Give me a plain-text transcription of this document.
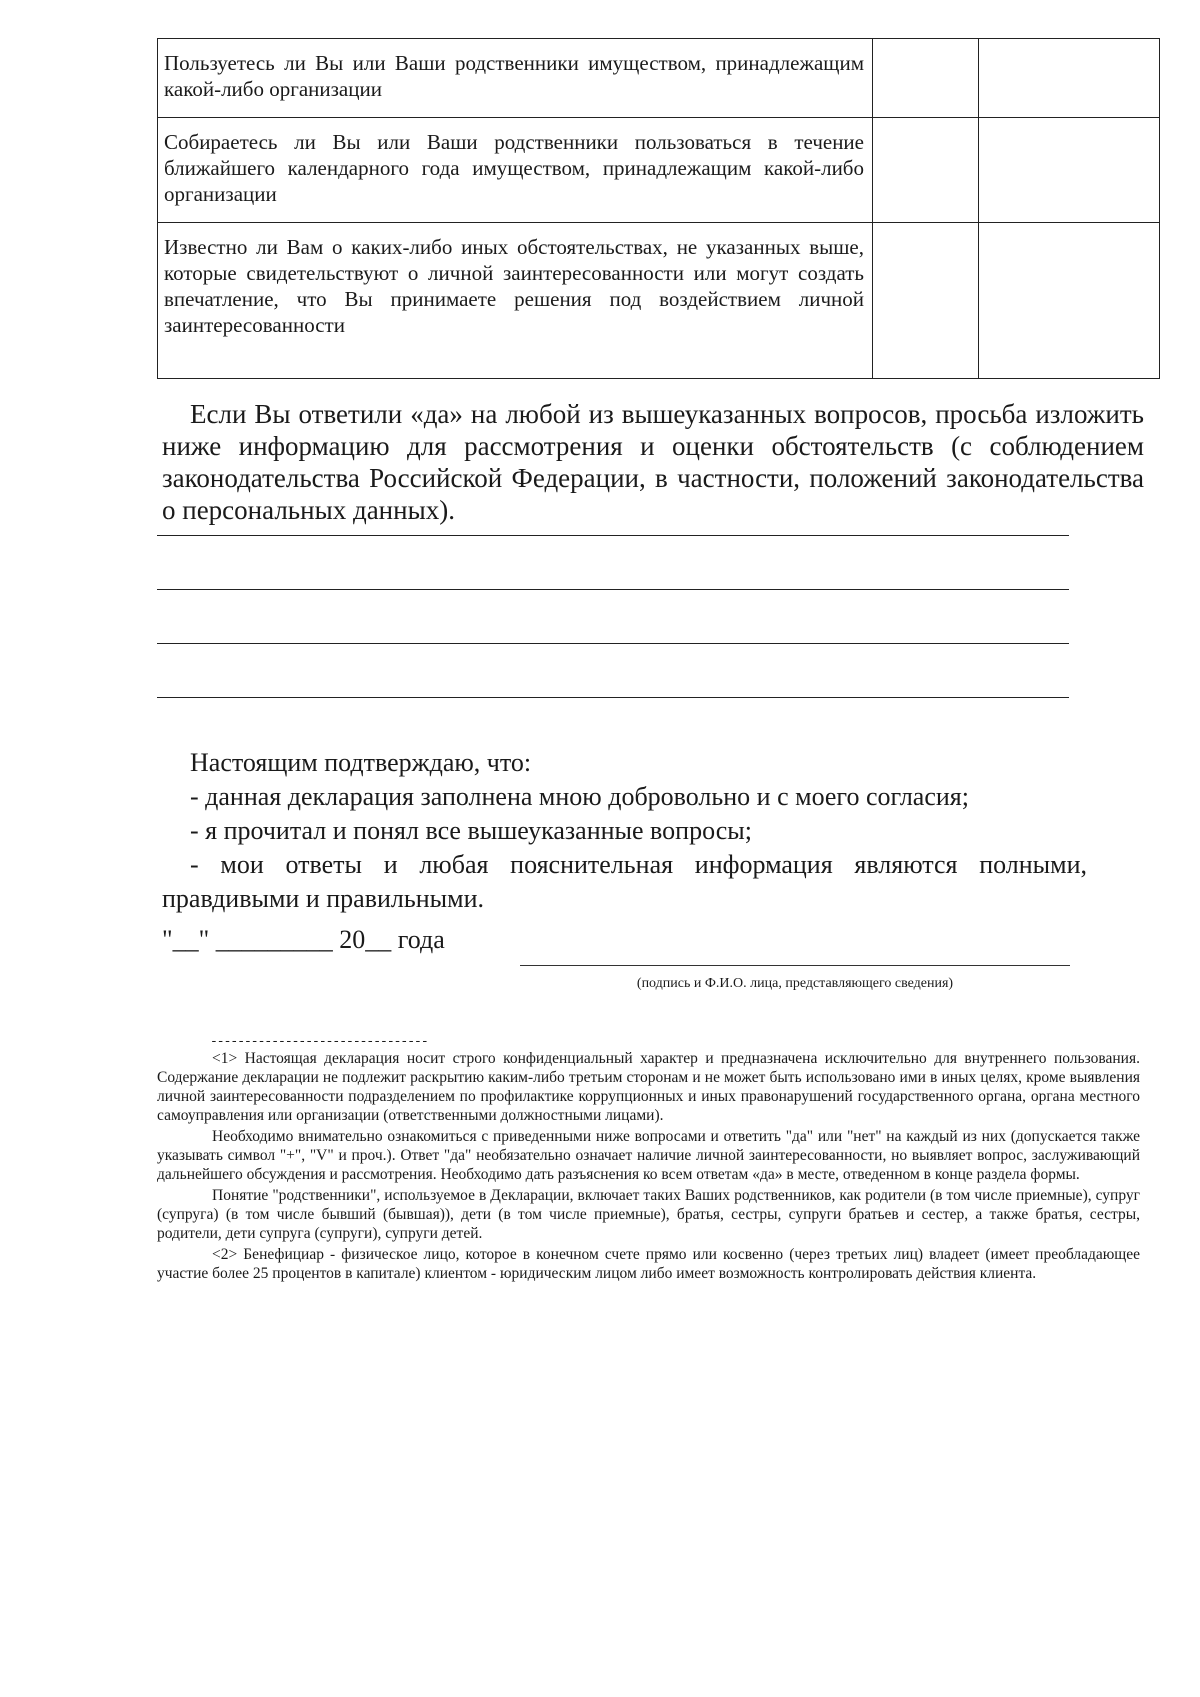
Пользуетесь ли Вы или Ваши родственники имуществом, принадлежащим какой-либо организации		
Собираетесь ли Вы или Ваши родственники пользоваться в течение ближайшего календарного года имуществом, принадлежащим какой-либо организации		
Известно ли Вам о каких-либо иных обстоятельствах, не указанных выше, которые свидетельствуют о личной заинтересованности или могут создать впечатление, что Вы принимаете решения под воздействием личной заинтересованности		
Если Вы ответили «да» на любой из вышеуказанных вопросов, просьба изложить ниже информацию для рассмотрения и оценки обстоятельств (с соблюдением законодательства Российской Федерации, в частности, положений законодательства о персональных данных).
Настоящим подтверждаю, что:
- данная декларация заполнена мною добровольно и с моего согласия;
- я прочитал и понял все вышеуказанные вопросы;
- мои ответы и любая пояснительная информация являются полными, правдивыми и правильными.
"__" _________ 20__ года
(подпись и Ф.И.О. лица, представляющего сведения)
--------------------------------

<1> Настоящая декларация носит строго конфиденциальный характер и предназначена исключительно для внутреннего пользования. Содержание декларации не подлежит раскрытию каким-либо третьим сторонам и не может быть использовано ими в иных целях, кроме выявления личной заинтересованности подразделением по профилактике коррупционных и иных правонарушений государственного органа, органа местного самоуправления или организации (ответственными должностными лицами).

Необходимо внимательно ознакомиться с приведенными ниже вопросами и ответить "да" или "нет" на каждый из них (допускается также указывать символ "+", "V" и проч.). Ответ "да" необязательно означает наличие личной заинтересованности, но выявляет вопрос, заслуживающий дальнейшего обсуждения и рассмотрения. Необходимо дать разъяснения ко всем ответам «да» в месте, отведенном в конце раздела формы.

Понятие "родственники", используемое в Декларации, включает таких Ваших родственников, как родители (в том числе приемные), супруг (супруга) (в том числе бывший (бывшая)), дети (в том числе приемные), братья, сестры, супруги братьев и сестер, а также братья, сестры, родители, дети супруга (супруги), супруги детей.

<2> Бенефициар - физическое лицо, которое в конечном счете прямо или косвенно (через третьих лиц) владеет (имеет преобладающее участие более 25 процентов в капитале) клиентом - юридическим лицом либо имеет возможность контролировать действия клиента.
